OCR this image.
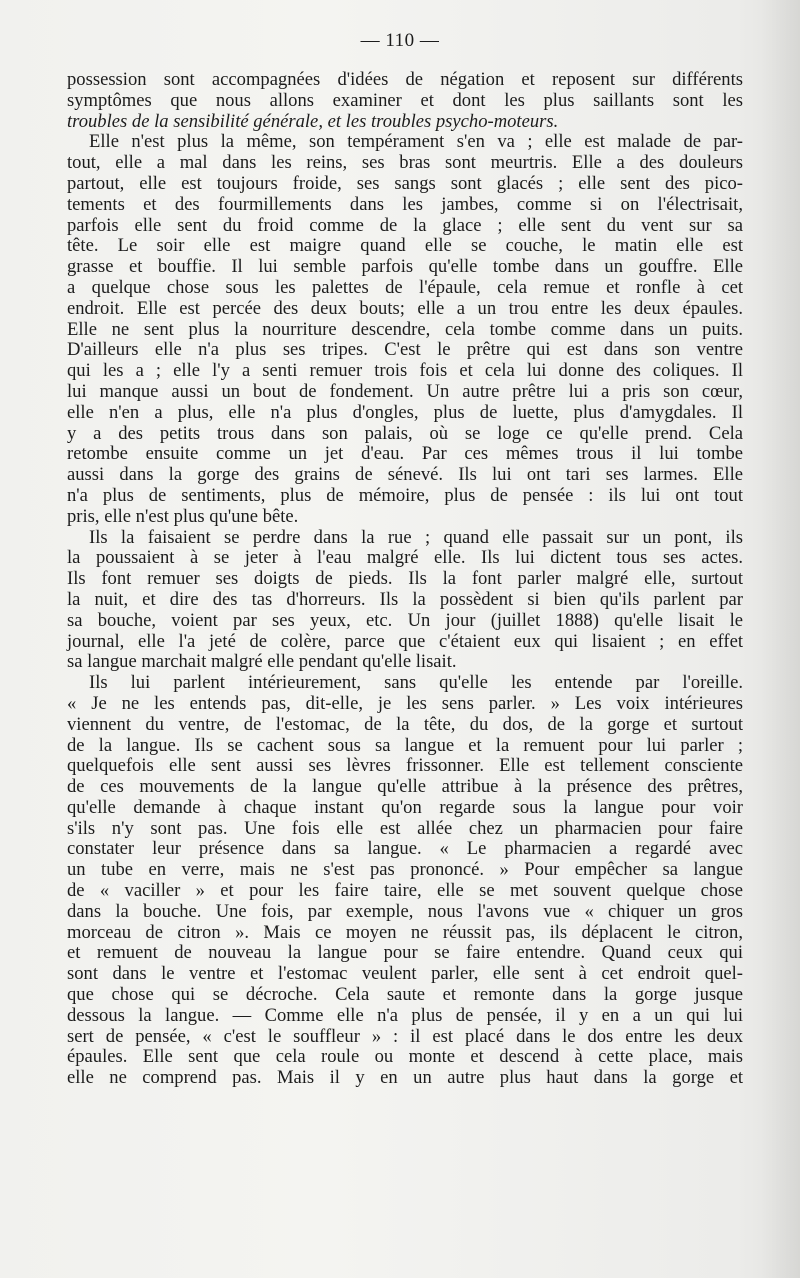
— 110 —

possession sont accompagnées d'idées de négation et reposent sur différents
symptômes que nous allons examiner et dont les plus saillants sont les
troubles de la sensibilité générale, et les troubles psycho-moteurs.

Elle n'est plus la même, son tempérament s'en va ; elle est malade de par-
tout, elle a mal dans les reins, ses bras sont meurtris. Elle a des douleurs
partout, elle est toujours froide, ses sangs sont glacés ; elle sent des pico-
tements et des fourmillements dans les jambes, comme si on l'électrisait,
parfois elle sent du froid comme de la glace ; elle sent du vent sur sa
tête. Le soir elle est maigre quand elle se couche, le matin elle est
grasse et bouffie. Il lui semble parfois qu'elle tombe dans un gouffre. Elle
a quelque chose sous les palettes de l'épaule, cela remue et ronfle à cet
endroit. Elle est percée des deux bouts; elle a un trou entre les deux épaules.
Elle ne sent plus la nourriture descendre, cela tombe comme dans un puits.
D'ailleurs elle n'a plus ses tripes. C'est le prêtre qui est dans son ventre
qui les a ; elle l'y a senti remuer trois fois et cela lui donne des coliques. Il
lui manque aussi un bout de fondement. Un autre prêtre lui a pris son cœur,
elle n'en a plus, elle n'a plus d'ongles, plus de luette, plus d'amygdales. Il
y a des petits trous dans son palais, où se loge ce qu'elle prend. Cela
retombe ensuite comme un jet d'eau. Par ces mêmes trous il lui tombe
aussi dans la gorge des grains de sénevé. Ils lui ont tari ses larmes. Elle
n'a plus de sentiments, plus de mémoire, plus de pensée : ils lui ont tout
pris, elle n'est plus qu'une bête.

Ils la faisaient se perdre dans la rue ; quand elle passait sur un pont, ils
la poussaient à se jeter à l'eau malgré elle. Ils lui dictent tous ses actes.
Ils font remuer ses doigts de pieds. Ils la font parler malgré elle, surtout
la nuit, et dire des tas d'horreurs. Ils la possèdent si bien qu'ils parlent par
sa bouche, voient par ses yeux, etc. Un jour (juillet 1888) qu'elle lisait le
journal, elle l'a jeté de colère, parce que c'étaient eux qui lisaient ; en effet
sa langue marchait malgré elle pendant qu'elle lisait.

Ils lui parlent intérieurement, sans qu'elle les entende par l'oreille.
« Je ne les entends pas, dit-elle, je les sens parler. » Les voix intérieures
viennent du ventre, de l'estomac, de la tête, du dos, de la gorge et surtout
de la langue. Ils se cachent sous sa langue et la remuent pour lui parler ;
quelquefois elle sent aussi ses lèvres frissonner. Elle est tellement consciente
de ces mouvements de la langue qu'elle attribue à la présence des prêtres,
qu'elle demande à chaque instant qu'on regarde sous la langue pour voir
s'ils n'y sont pas. Une fois elle est allée chez un pharmacien pour faire
constater leur présence dans sa langue. « Le pharmacien a regardé avec
un tube en verre, mais ne s'est pas prononcé. » Pour empêcher sa langue
de « vaciller » et pour les faire taire, elle se met souvent quelque chose
dans la bouche. Une fois, par exemple, nous l'avons vue « chiquer un gros
morceau de citron ». Mais ce moyen ne réussit pas, ils déplacent le citron,
et remuent de nouveau la langue pour se faire entendre. Quand ceux qui
sont dans le ventre et l'estomac veulent parler, elle sent à cet endroit quel-
que chose qui se décroche. Cela saute et remonte dans la gorge jusque
dessous la langue. — Comme elle n'a plus de pensée, il y en a un qui lui
sert de pensée, « c'est le souffleur » : il est placé dans le dos entre les deux
épaules. Elle sent que cela roule ou monte et descend à cette place, mais
elle ne comprend pas. Mais il y en un autre plus haut dans la gorge et
